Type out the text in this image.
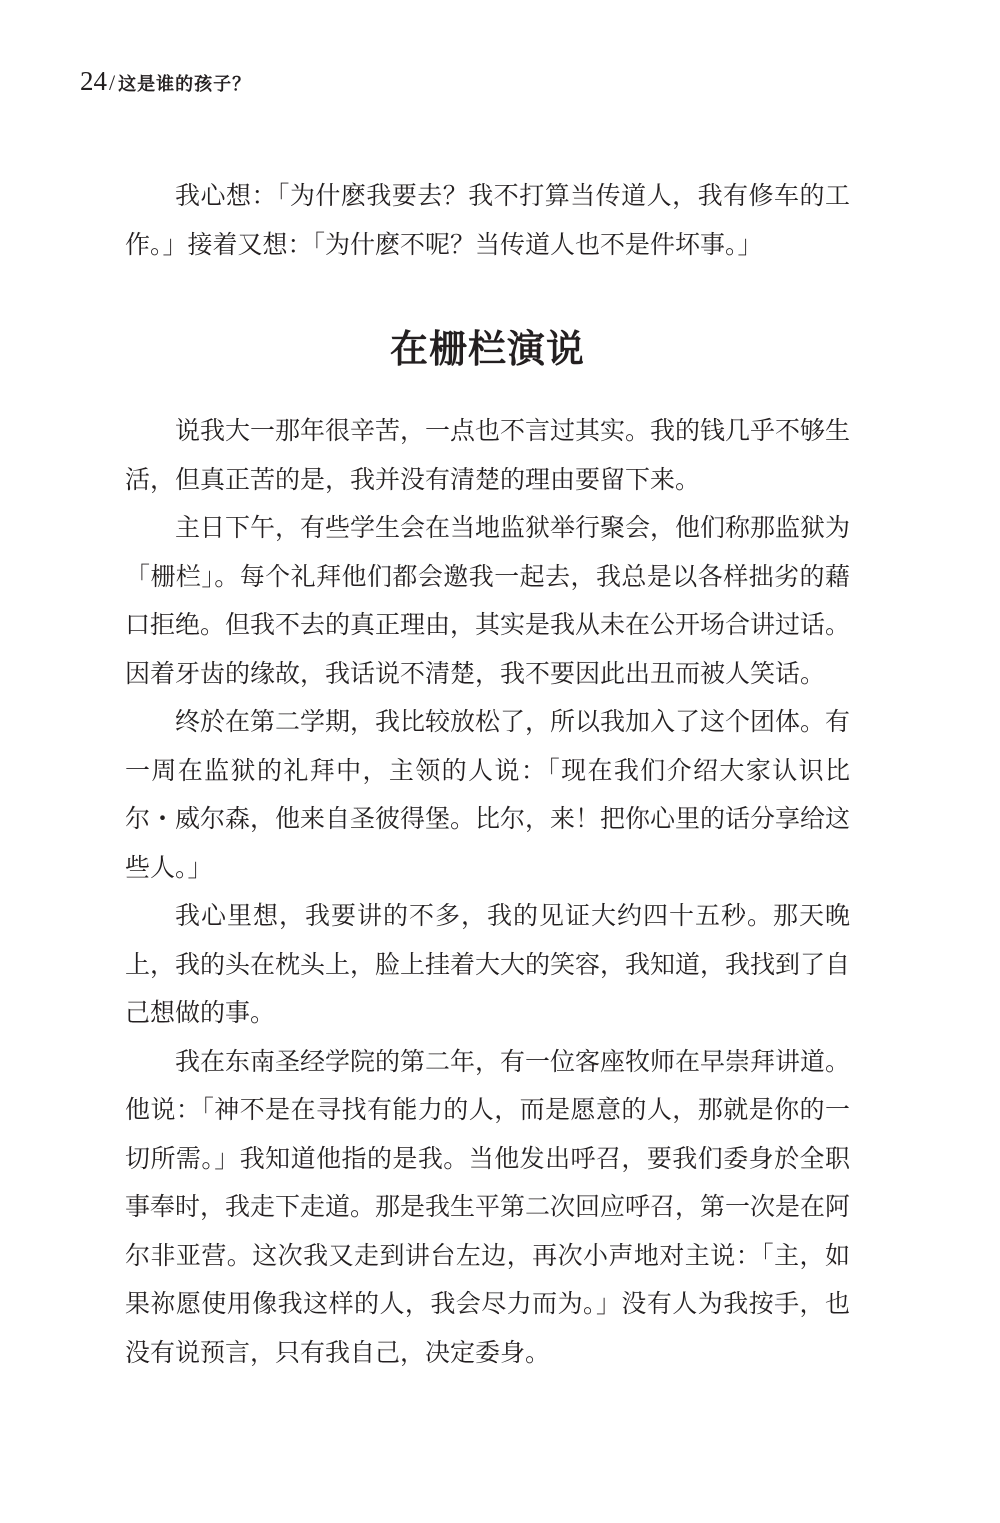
24 / 这是谁的孩子？

我心想：「为什麽我要去？我不打算当传道人，我有修车的工作。」接着又想：「为什麽不呢？当传道人也不是件坏事。」

在栅栏演说

说我大一那年很辛苦，一点也不言过其实。我的钱几乎不够生活，但真正苦的是，我并没有清楚的理由要留下来。

主日下午，有些学生会在当地监狱举行聚会，他们称那监狱为「栅栏」。每个礼拜他们都会邀我一起去，我总是以各样拙劣的藉口拒绝。但我不去的真正理由，其实是我从未在公开场合讲过话。因着牙齿的缘故，我话说不清楚，我不要因此出丑而被人笑话。

终於在第二学期，我比较放松了，所以我加入了这个团体。有一周在监狱的礼拜中，主领的人说：「现在我们介绍大家认识比尔・威尔森，他来自圣彼得堡。比尔，来！把你心里的话分享给这些人。」

我心里想，我要讲的不多，我的见证大约四十五秒。那天晚上，我的头在枕头上，脸上挂着大大的笑容，我知道，我找到了自己想做的事。

我在东南圣经学院的第二年，有一位客座牧师在早崇拜讲道。他说：「神不是在寻找有能力的人，而是愿意的人，那就是你的一切所需。」我知道他指的是我。当他发出呼召，要我们委身於全职事奉时，我走下走道。那是我生平第二次回应呼召，第一次是在阿尔非亚营。这次我又走到讲台左边，再次小声地对主说：「主，如果祢愿使用像我这样的人，我会尽力而为。」没有人为我按手，也没有说预言，只有我自己，决定委身。
